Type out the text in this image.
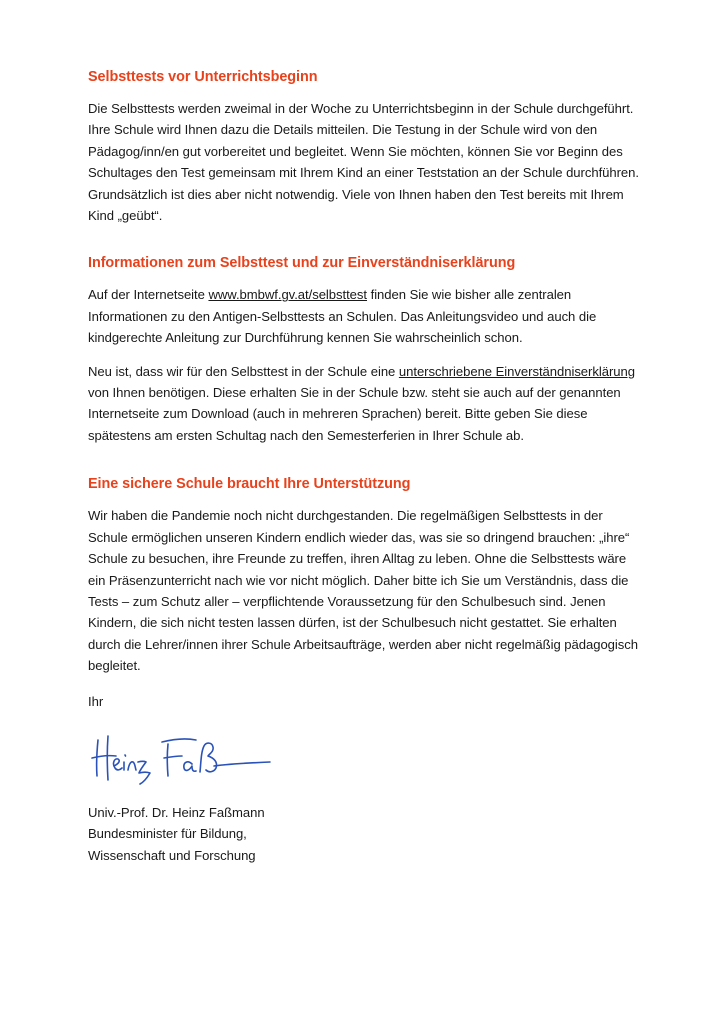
Selbsttests vor Unterrichtsbeginn

Die Selbsttests werden zweimal in der Woche zu Unterrichtsbeginn in der Schule durchgeführt. Ihre Schule wird Ihnen dazu die Details mitteilen. Die Testung in der Schule wird von den Pädagog/inn/en gut vorbereitet und begleitet. Wenn Sie möchten, können Sie vor Beginn des Schultages den Test gemeinsam mit Ihrem Kind an einer Teststation an der Schule durchführen. Grundsätzlich ist dies aber nicht notwendig. Viele von Ihnen haben den Test bereits mit Ihrem Kind „geübt“.

Informationen zum Selbsttest und zur Einverständniserklärung

Auf der Internetseite www.bmbwf.gv.at/selbsttest finden Sie wie bisher alle zentralen Informationen zu den Antigen-Selbsttests an Schulen. Das Anleitungsvideo und auch die kindgerechte Anleitung zur Durchführung kennen Sie wahrscheinlich schon.

Neu ist, dass wir für den Selbsttest in der Schule eine unterschriebene Einverständniserklärung von Ihnen benötigen. Diese erhalten Sie in der Schule bzw. steht sie auch auf der genannten Internetseite zum Download (auch in mehreren Sprachen) bereit. Bitte geben Sie diese spätestens am ersten Schultag nach den Semesterferien in Ihrer Schule ab.

Eine sichere Schule braucht Ihre Unterstützung

Wir haben die Pandemie noch nicht durchgestanden. Die regelmäßigen Selbsttests in der Schule ermöglichen unseren Kindern endlich wieder das, was sie so dringend brauchen: „ihre“ Schule zu besuchen, ihre Freunde zu treffen, ihren Alltag zu leben. Ohne die Selbsttests wäre ein Präsenzunterricht nach wie vor nicht möglich. Daher bitte ich Sie um Verständnis, dass die Tests – zum Schutz aller – verpflichtende Voraussetzung für den Schulbesuch sind. Jenen Kindern, die sich nicht testen lassen dürfen, ist der Schulbesuch nicht gestattet. Sie erhalten durch die Lehrer/innen ihrer Schule Arbeitsaufträge, werden aber nicht regelmäßig pädagogisch begleitet.

Ihr

Univ.-Prof. Dr. Heinz Faßmann

Bundesminister für Bildung,

Wissenschaft und Forschung
